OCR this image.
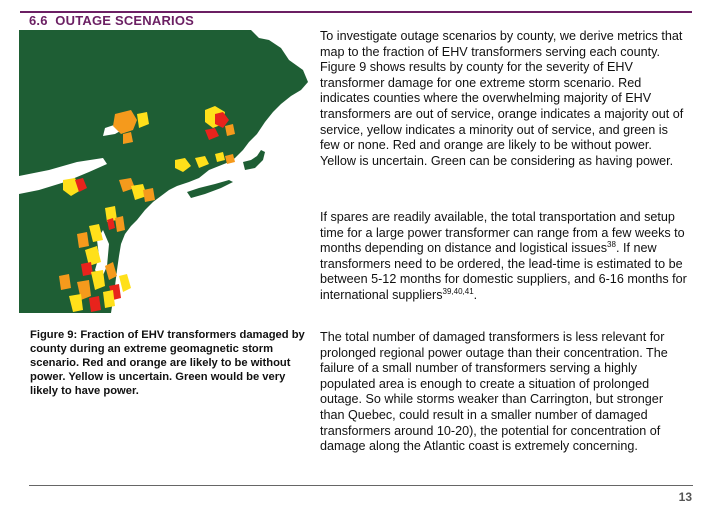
6.6 OUTAGE SCENARIOS
Figure 9: Fraction of EHV transformers damaged by county during an extreme geomagnetic storm scenario. Red and orange are likely to be without power. Yellow is uncertain. Green would be very likely to have power.

To investigate outage scenarios by county, we derive metrics that map to the fraction of EHV transformers serving each county. Figure 9 shows results by county for the severity of EHV transformer damage for one extreme storm scenario. Red indicates counties where the overwhelming majority of EHV transformers are out of service, orange indicates a majority out of service, yellow indicates a minority out of service, and green is few or none. Red and orange are likely to be without power. Yellow is uncertain. Green can be considering as having power.

If spares are readily available, the total transportation and setup time for a large power transformer can range from a few weeks to months depending on distance and logistical issues$^{38}$. If new transformers need to be ordered, the lead-time is estimated to be between 5-12 months for domestic suppliers, and 6-16 months for international suppliers$^{39,40,41}$.

The total number of damaged transformers is less relevant for prolonged regional power outage than their concentration. The failure of a small number of transformers serving a highly populated area is enough to create a situation of prolonged outage. So while storms weaker than Carrington, but stronger than Quebec, could result in a smaller number of damaged transformers around 10-20), the potential for concentration of damage along the Atlantic coast is extremely concerning.

13
